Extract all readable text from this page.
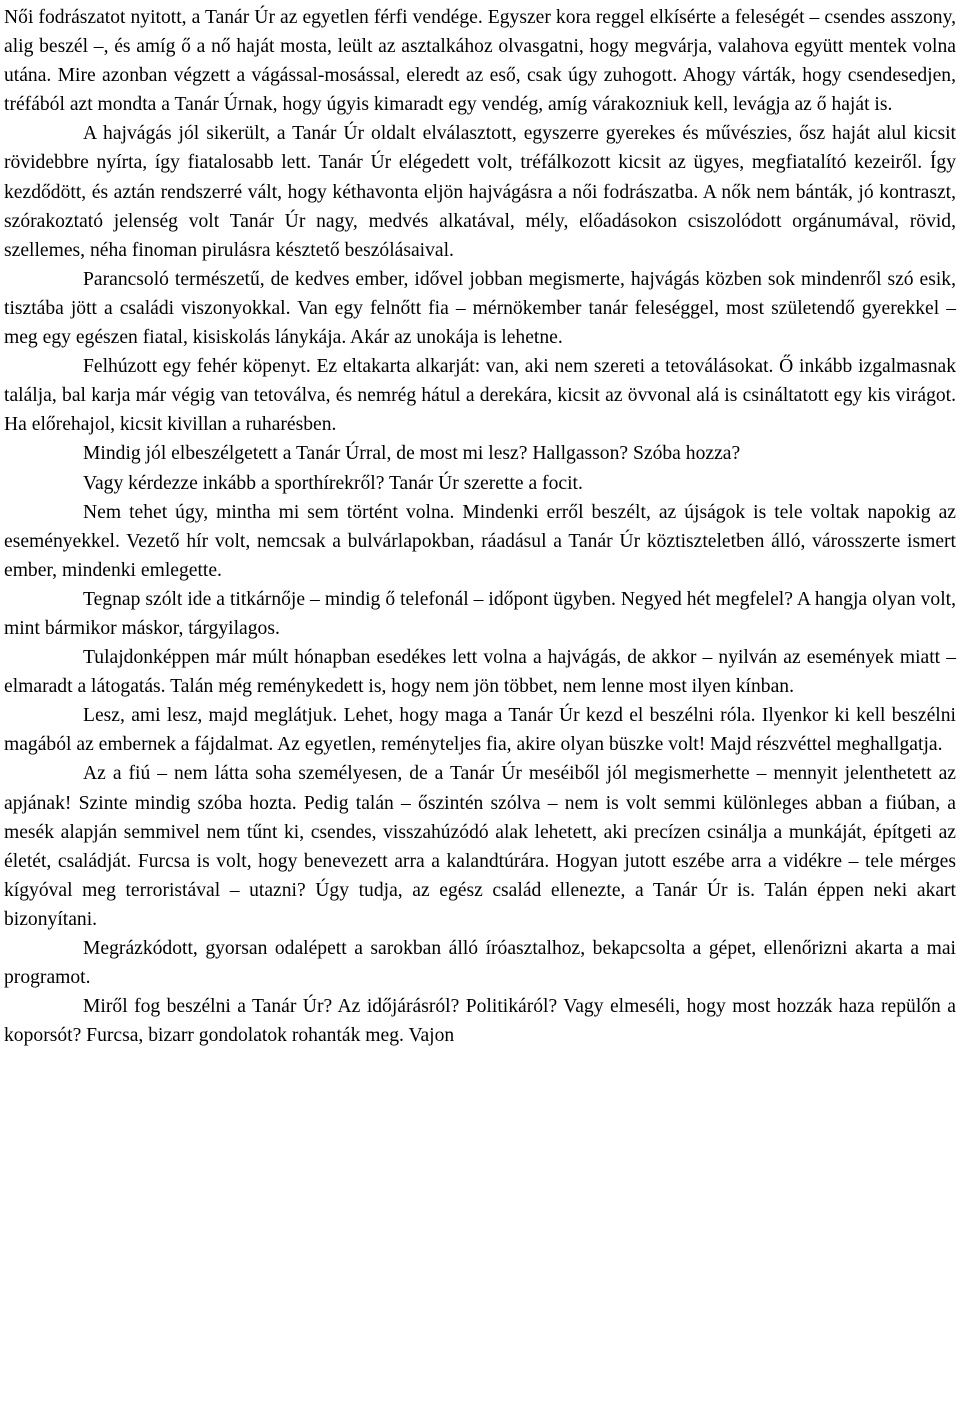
Női fodrászatot nyitott, a Tanár Úr az egyetlen férfi vendége. Egyszer kora reggel elkísérte a feleségét – csendes asszony, alig beszél –, és amíg ő a nő haját mosta, leült az asztalkához olvasgatni, hogy megvárja, valahova együtt mentek volna utána. Mire azonban végzett a vágással-mosással, eleredt az eső, csak úgy zuhogott. Ahogy várták, hogy csendesedjen, tréfából azt mondta a Tanár Úrnak, hogy úgyis kimaradt egy vendég, amíg várakozniuk kell, levágja az ő haját is.

A hajvágás jól sikerült, a Tanár Úr oldalt elválasztott, egyszerre gyerekes és művészies, ősz haját alul kicsit rövidebbre nyírta, így fiatalosabb lett. Tanár Úr elégedett volt, tréfálkozott kicsit az ügyes, megfiatalító kezeiről. Így kezdődött, és aztán rendszerré vált, hogy kéthavonta eljön hajvágásra a női fodrászatba. A nők nem bánták, jó kontraszt, szórakoztató jelenség volt Tanár Úr nagy, medvés alkatával, mély, előadásokon csiszolódott orgánumával, rövid, szellemes, néha finoman pirulásra késztető beszólásaival.

Parancsoló természetű, de kedves ember, idővel jobban megismerte, hajvágás közben sok mindenről szó esik, tisztába jött a családi viszonyokkal. Van egy felnőtt fia – mérnökember tanár feleséggel, most születendő gyerekkel – meg egy egészen fiatal, kisiskolás lánykája. Akár az unokája is lehetne.

Felhúzott egy fehér köpenyt. Ez eltakarta alkarját: van, aki nem szereti a tetoválásokat. Ő inkább izgalmasnak találja, bal karja már végig van tetoválva, és nemrég hátul a derekára, kicsit az övvonal alá is csináltatott egy kis virágot. Ha előrehajol, kicsit kivillan a ruharésben.

Mindig jól elbeszélgetett a Tanár Úrral, de most mi lesz? Hallgasson? Szóba hozza?

Vagy kérdezze inkább a sporthírekről? Tanár Úr szerette a focit.

Nem tehet úgy, mintha mi sem történt volna. Mindenki erről beszélt, az újságok is tele voltak napokig az eseményekkel. Vezető hír volt, nemcsak a bulvárlapokban, ráadásul a Tanár Úr köztiszteletben álló, városszerte ismert ember, mindenki emlegette.

Tegnap szólt ide a titkárnője – mindig ő telefonál – időpont ügyben. Negyed hét megfelel? A hangja olyan volt, mint bármikor máskor, tárgyilagos.

Tulajdonképpen már múlt hónapban esedékes lett volna a hajvágás, de akkor – nyilván az események miatt – elmaradt a látogatás. Talán még reménykedett is, hogy nem jön többet, nem lenne most ilyen kínban.

Lesz, ami lesz, majd meglátjuk. Lehet, hogy maga a Tanár Úr kezd el beszélni róla. Ilyenkor ki kell beszélni magából az embernek a fájdalmat. Az egyetlen, reményteljes fia, akire olyan büszke volt! Majd részvéttel meghallgatja.

Az a fiú – nem látta soha személyesen, de a Tanár Úr meséiből jól megismerhette – mennyit jelenthetett az apjának! Szinte mindig szóba hozta. Pedig talán – őszintén szólva – nem is volt semmi különleges abban a fiúban, a mesék alapján semmivel nem tűnt ki, csendes, visszahúzódó alak lehetett, aki precízen csinálja a munkáját, építgeti az életét, családját. Furcsa is volt, hogy benevezett arra a kalandtúrára. Hogyan jutott eszébe arra a vidékre – tele mérges kígyóval meg terroristával – utazni? Úgy tudja, az egész család ellenezte, a Tanár Úr is. Talán éppen neki akart bizonyítani.

Megrázkódott, gyorsan odalépett a sarokban álló íróasztalhoz, bekapcsolta a gépet, ellenőrizni akarta a mai programot.

Miről fog beszélni a Tanár Úr? Az időjárásról? Politikáról? Vagy elmeséli, hogy most hozzák haza repülőn a koporsót? Furcsa, bizarr gondolatok rohanták meg. Vajon
